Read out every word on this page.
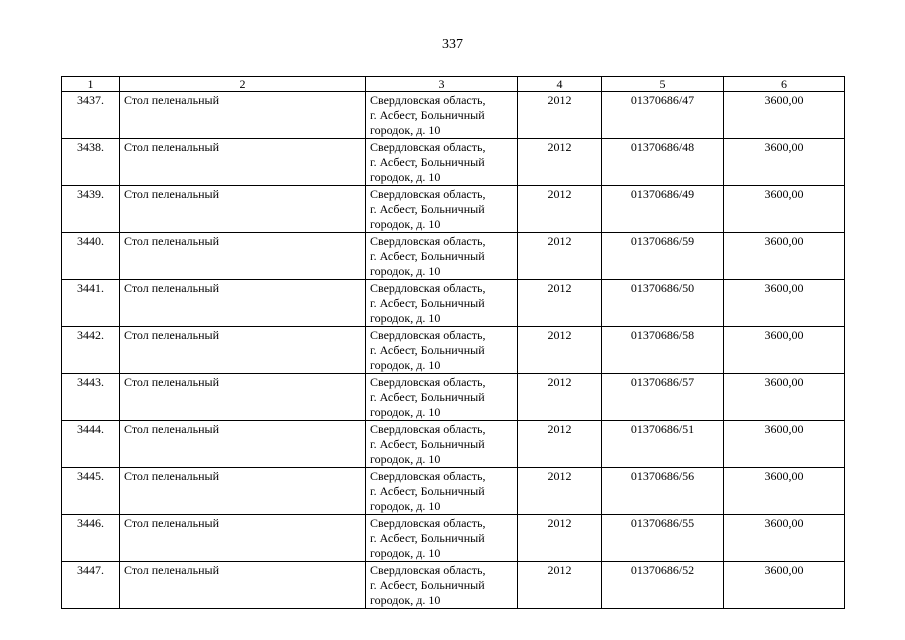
337
1	2	3	4	5	6
3437.	Стол пеленальный	Свердловская область,
г. Асбест, Больничный
городок, д. 10	2012	01370686/47	3600,00
3438.	Стол пеленальный	Свердловская область,
г. Асбест, Больничный
городок, д. 10	2012	01370686/48	3600,00
3439.	Стол пеленальный	Свердловская область,
г. Асбест, Больничный
городок, д. 10	2012	01370686/49	3600,00
3440.	Стол пеленальный	Свердловская область,
г. Асбест, Больничный
городок, д. 10	2012	01370686/59	3600,00
3441.	Стол пеленальный	Свердловская область,
г. Асбест, Больничный
городок, д. 10	2012	01370686/50	3600,00
3442.	Стол пеленальный	Свердловская область,
г. Асбест, Больничный
городок, д. 10	2012	01370686/58	3600,00
3443.	Стол пеленальный	Свердловская область,
г. Асбест, Больничный
городок, д. 10	2012	01370686/57	3600,00
3444.	Стол пеленальный	Свердловская область,
г. Асбест, Больничный
городок, д. 10	2012	01370686/51	3600,00
3445.	Стол пеленальный	Свердловская область,
г. Асбест, Больничный
городок, д. 10	2012	01370686/56	3600,00
3446.	Стол пеленальный	Свердловская область,
г. Асбест, Больничный
городок, д. 10	2012	01370686/55	3600,00
3447.	Стол пеленальный	Свердловская область,
г. Асбест, Больничный
городок, д. 10	2012	01370686/52	3600,00
